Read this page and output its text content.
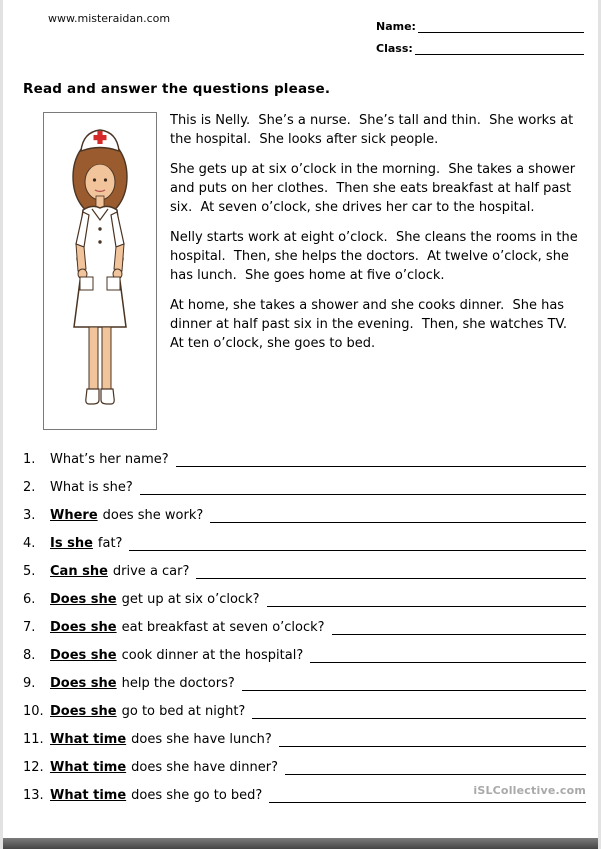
www.misteraidan.com
Name:
Class:
Read and answer the questions please.

This is Nelly.  She’s a nurse.  She’s tall and thin.  She works at the hospital.  She looks after sick people.

She gets up at six o’clock in the morning.  She takes a shower and puts on her clothes.  Then she eats breakfast at half past six.  At seven o’clock, she drives her car to the hospital.

Nelly starts work at eight o’clock.  She cleans the rooms in the hospital.  Then, she helps the doctors.  At twelve o’clock, she has lunch.  She goes home at five o’clock.

At home, she takes a shower and she cooks dinner.  She has dinner at half past six in the evening.  Then, she watches TV.  At ten o’clock, she goes to bed.

1.	What’s her name?
2.	What is she?
3.	Where does she work?
4.	Is she fat?
5.	Can she drive a car?
6.	Does she get up at six o’clock?
7.	Does she eat breakfast at seven o’clock?
8.	Does she cook dinner at the hospital?
9.	Does she help the doctors?
10. Does she go to bed at night?
11. What time does she have lunch?
12. What time does she have dinner?
13. What time does she go to bed?	iSLCollective.com
